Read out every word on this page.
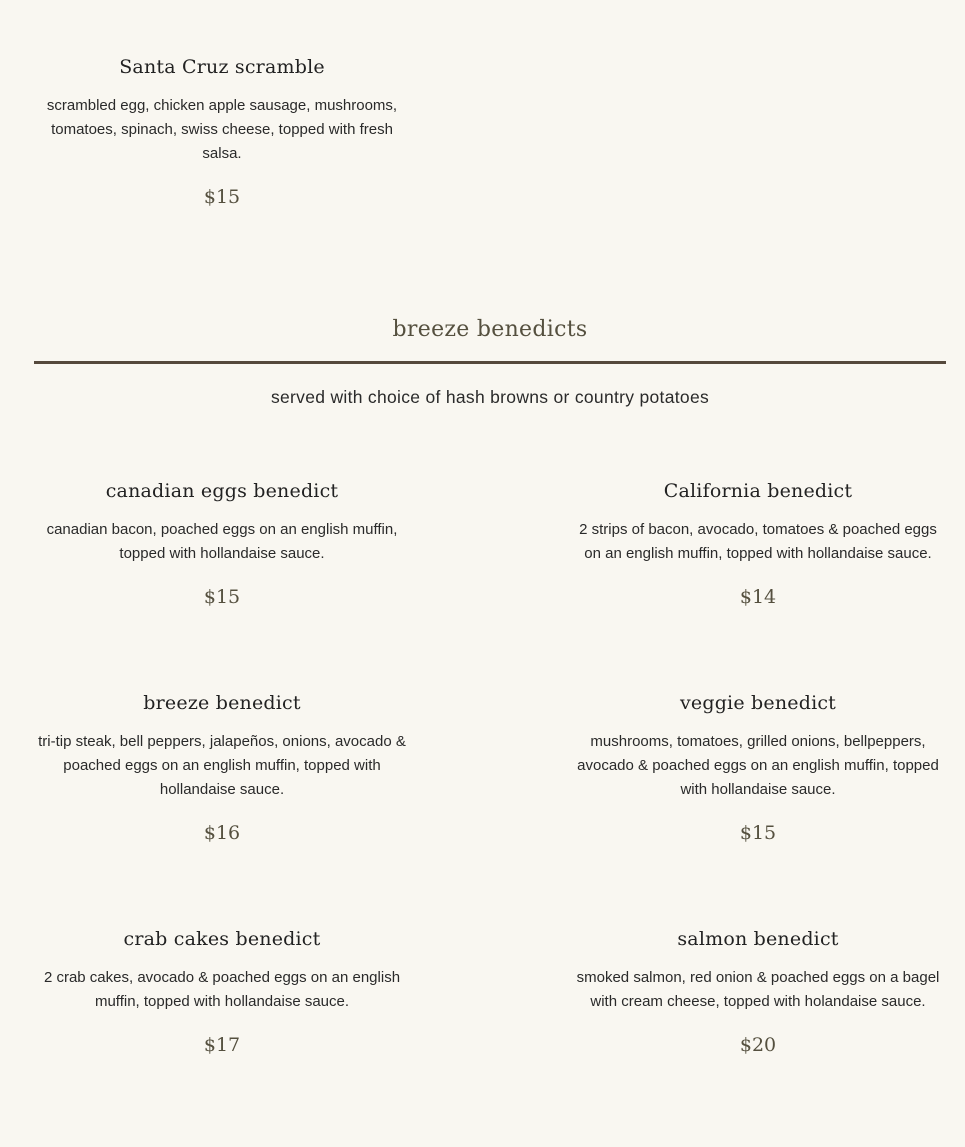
Santa Cruz scramble
scrambled egg, chicken apple sausage, mushrooms, tomatoes, spinach, swiss cheese, topped with fresh salsa.
$15
breeze benedicts
served with choice of hash browns or country potatoes
canadian eggs benedict
canadian bacon, poached eggs on an english muffin, topped with hollandaise sauce.
$15
California benedict
2 strips of bacon, avocado, tomatoes & poached eggs on an english muffin, topped with hollandaise sauce.
$14
breeze benedict
tri-tip steak, bell peppers, jalapeños, onions, avocado & poached eggs on an english muffin, topped with hollandaise sauce.
$16
veggie benedict
mushrooms, tomatoes, grilled onions, bellpeppers, avocado & poached eggs on an english muffin, topped with hollandaise sauce.
$15
crab cakes benedict
2 crab cakes, avocado & poached eggs on an english muffin, topped with hollandaise sauce.
$17
salmon benedict
smoked salmon, red onion & poached eggs on a bagel with cream cheese, topped with holandaise sauce.
$20
